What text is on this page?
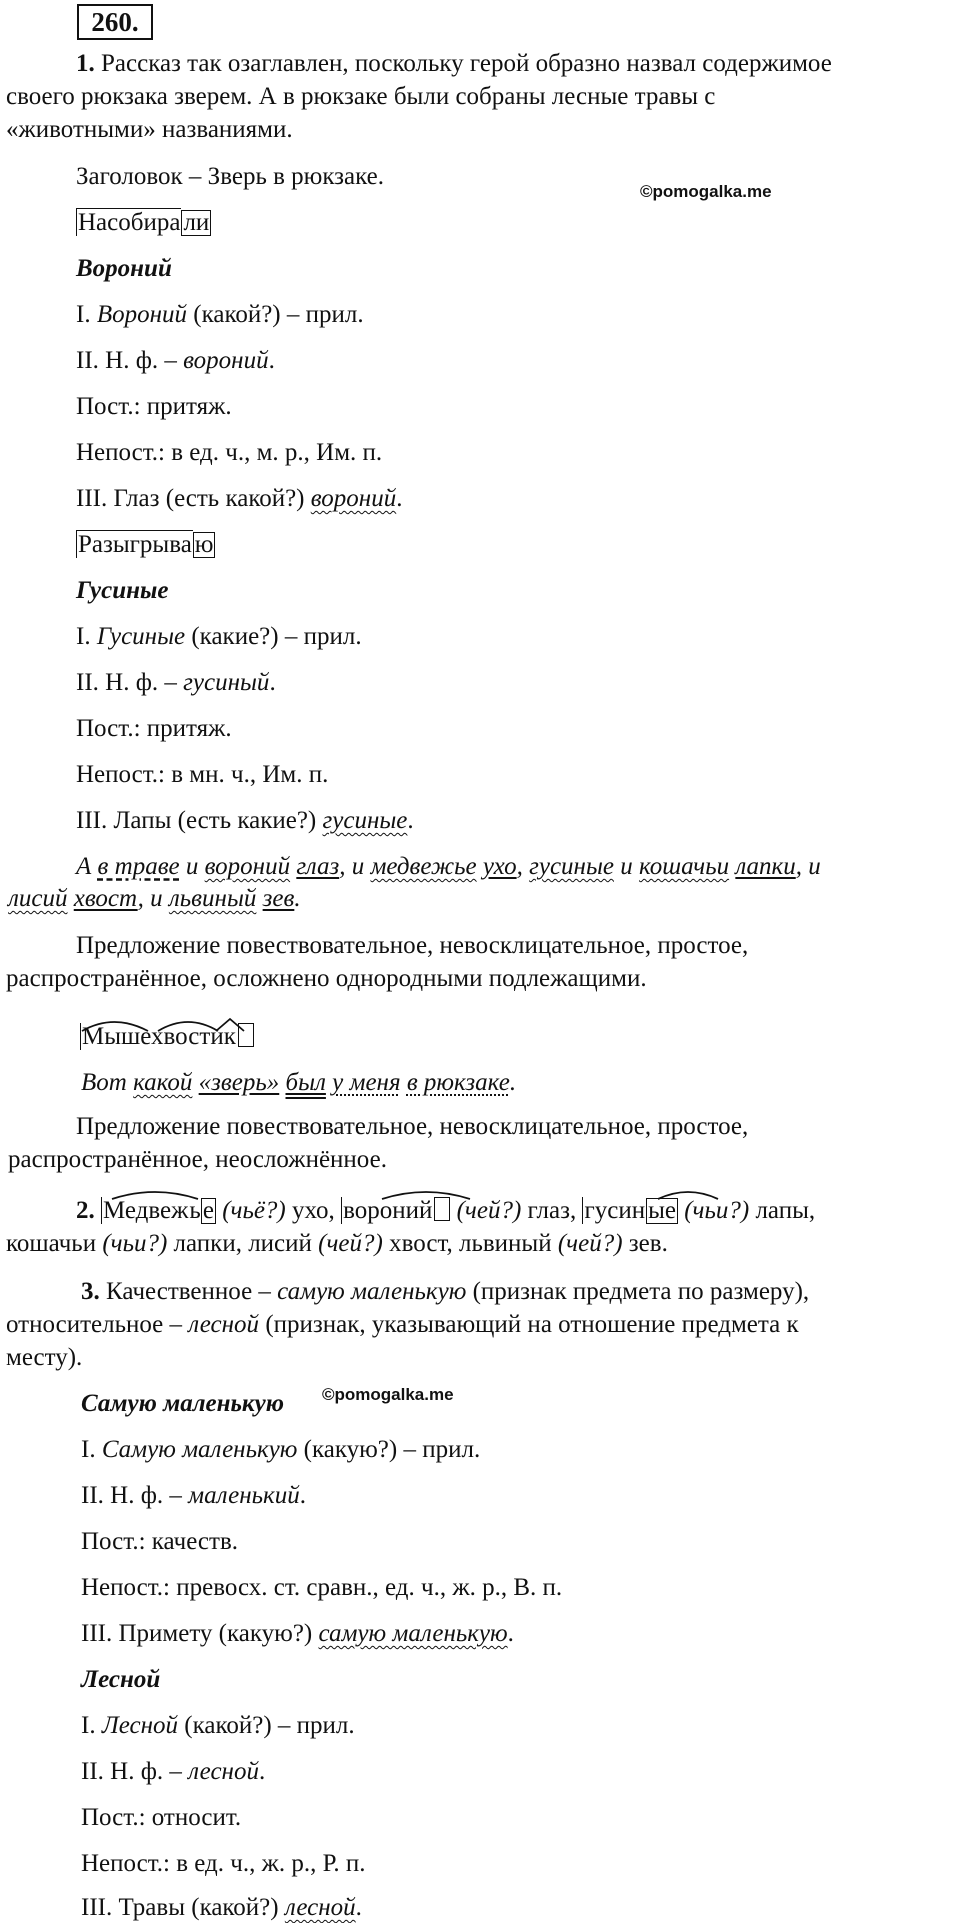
260.
1. Рассказ так озаглавлен, поскольку герой образно назвал содержимое
своего рюкзака зверем. А в рюкзаке были собраны лесные травы с
«животными» названиями.
Заголовок – Зверь в рюкзаке.
©pomogalka.me
Насобира ли
Вороний
I. Вороний (какой?) – прил.
II. Н. ф. – вороний.
Пост.: притяж.
Непост.: в ед. ч., м. р., Им. п.
III. Глаз (есть какой?) вороний.
Разыгрыва ю
Гусиные
I. Гусиные (какие?) – прил.
II. Н. ф. – гусиный.
Пост.: притяж.
Непост.: в мн. ч., Им. п.
III. Лапы (есть какие?) гусиные.
А в траве и вороний глаз, и медвежье ухо, гусиные и кошачьи лапки, и
лисий хвост, и львиный зев.
Предложение повествовательное, невосклицательное, простое,
распространённое, осложнено однородными подлежащими.
Мышехвостик
Вот какой «зверь» был у меня в рюкзаке.
Предложение повествовательное, невосклицательное, простое,
распространённое, неосложнённое.
2. Медвежье (чьё?) ухо, вороний (чей?) глаз, гусин ые (чьи?) лапы,
кошачьи (чьи?) лапки, лисий (чей?) хвост, львиный (чей?) зев.
3. Качественное – самую маленькую (признак предмета по размеру),
относительное – лесной (признак, указывающий на отношение предмета к
месту).
Самую маленькую ©pomogalka.me
I. Самую маленькую (какую?) – прил.
II. Н. ф. – маленький.
Пост.: качеств.
Непост.: превосх. ст. сравн., ед. ч., ж. р., В. п.
III. Примету (какую?) самую маленькую.
Лесной
I. Лесной (какой?) – прил.
II. Н. ф. – лесной.
Пост.: относит.
Непост.: в ед. ч., ж. р., Р. п.
III. Травы (какой?) лесной.
